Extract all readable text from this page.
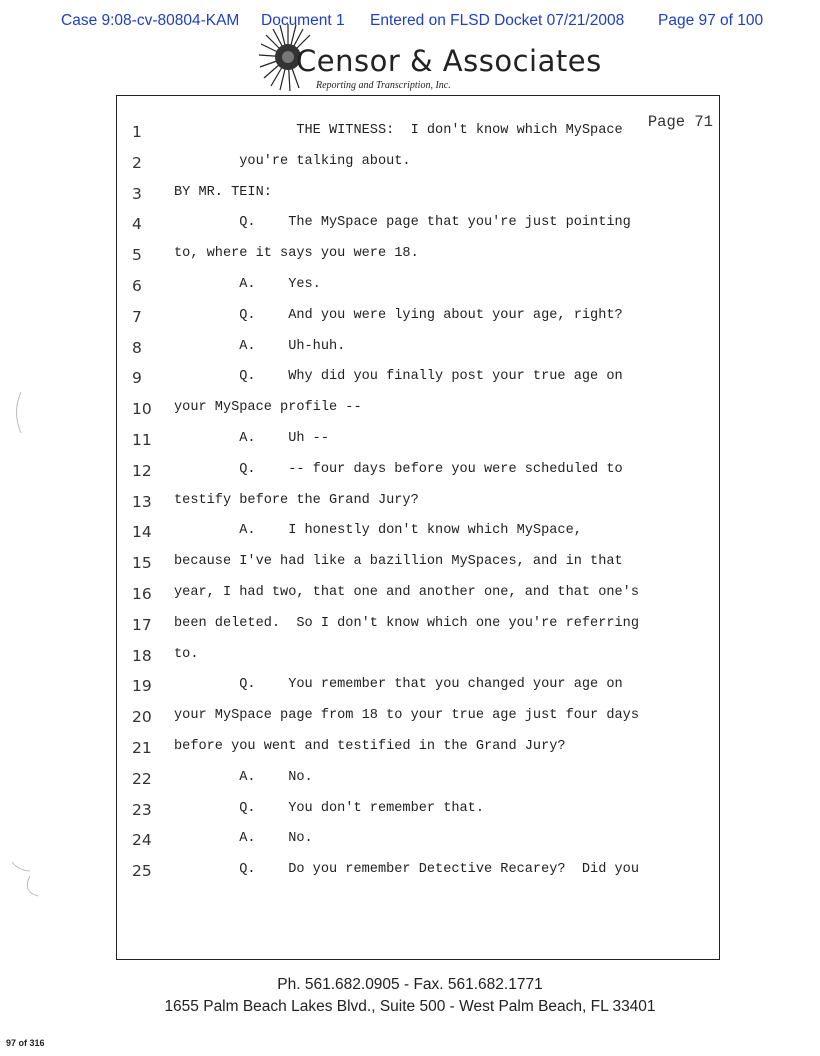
Case 9:08-cv-80804-KAM Document 1 Entered on FLSD Docket 07/21/2008 Page 97 of 100
Censor & Associates
Reporting and Transcription, Inc.
Page 71
1	THE WITNESS:  I don't know which MySpace
2	you're talking about.
3	BY MR. TEIN:
4	Q.    The MySpace page that you're just pointing
5	to, where it says you were 18.
6	A.    Yes.
7	Q.    And you were lying about your age, right?
8	A.    Uh-huh.
9	Q.    Why did you finally post your true age on
10	your MySpace profile --
11	A.    Uh --
12	Q.    -- four days before you were scheduled to
13	testify before the Grand Jury?
14	A.    I honestly don't know which MySpace,
15	because I've had like a bazillion MySpaces, and in that
16	year, I had two, that one and another one, and that one's
17	been deleted.  So I don't know which one you're referring
18	to.
19	Q.    You remember that you changed your age on
20	your MySpace page from 18 to your true age just four days
21	before you went and testified in the Grand Jury?
22	A.    No.
23	Q.    You don't remember that.
24	A.    No.
25	Q.    Do you remember Detective Recarey?  Did you
Ph. 561.682.0905 - Fax. 561.682.1771
1655 Palm Beach Lakes Blvd., Suite 500 - West Palm Beach, FL 33401
97 of 316
